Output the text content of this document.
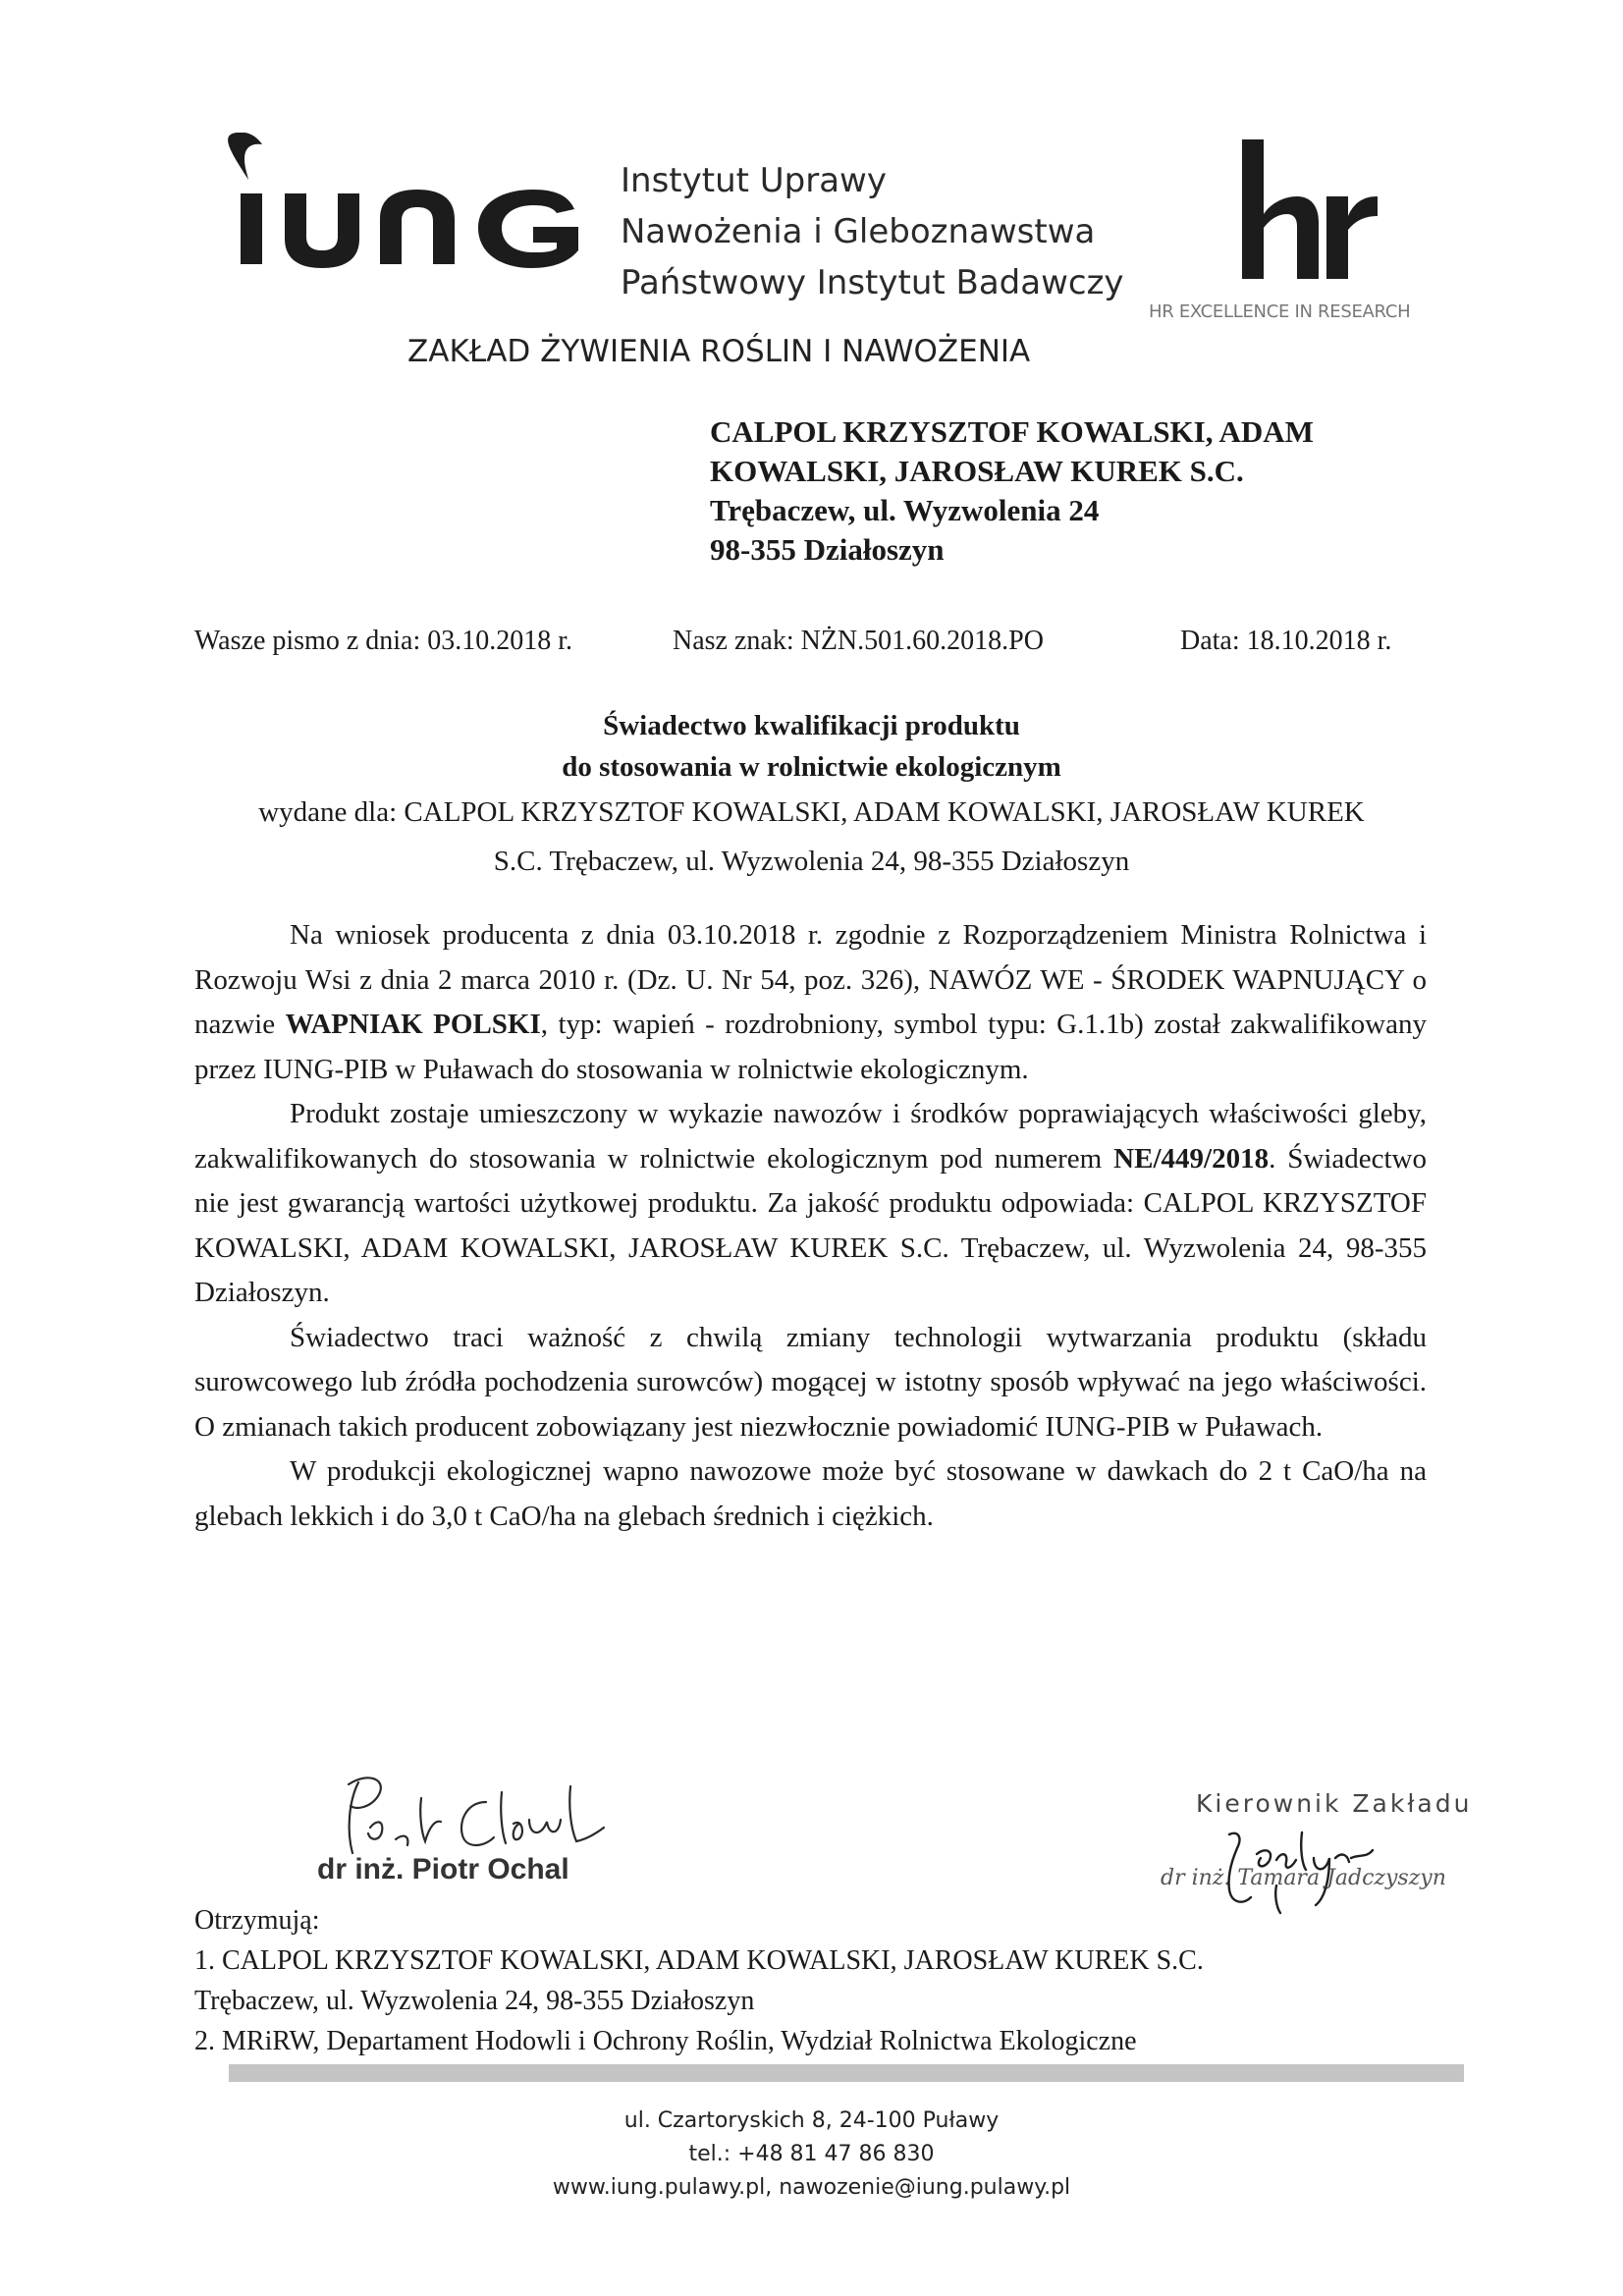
Instytut Uprawy
Nawożenia i Gleboznawstwa
Państwowy Instytut Badawczy
HR EXCELLENCE IN RESEARCH
ZAKŁAD ŻYWIENIA ROŚLIN I NAWOŻENIA
CALPOL KRZYSZTOF KOWALSKI, ADAM
KOWALSKI, JAROSŁAW KUREK S.C.
Trębaczew, ul. Wyzwolenia 24
98-355 Działoszyn
Wasze pismo z dnia: 03.10.2018 r.	Nasz znak: NŻN.501.60.2018.PO	Data: 18.10.2018 r.
Świadectwo kwalifikacji produktu
do stosowania w rolnictwie ekologicznym
wydane dla: CALPOL KRZYSZTOF KOWALSKI, ADAM KOWALSKI, JAROSŁAW KUREK
S.C. Trębaczew, ul. Wyzwolenia 24, 98-355 Działoszyn

Na wniosek producenta z dnia 03.10.2018 r. zgodnie z Rozporządzeniem Ministra Rolnictwa i Rozwoju Wsi z dnia 2 marca 2010 r. (Dz. U. Nr 54, poz. 326), NAWÓZ WE - ŚRODEK WAPNUJĄCY o nazwie WAPNIAK POLSKI, typ: wapień - rozdrobniony, symbol typu: G.1.1b) został zakwalifikowany przez IUNG-PIB w Puławach do stosowania w rolnictwie ekologicznym.

Produkt zostaje umieszczony w wykazie nawozów i środków poprawiających właściwości gleby, zakwalifikowanych do stosowania w rolnictwie ekologicznym pod numerem NE/449/2018. Świadectwo nie jest gwarancją wartości użytkowej produktu. Za jakość produktu odpowiada: CALPOL KRZYSZTOF KOWALSKI, ADAM KOWALSKI, JAROSŁAW KUREK S.C. Trębaczew, ul. Wyzwolenia 24, 98-355 Działoszyn.

Świadectwo traci ważność z chwilą zmiany technologii wytwarzania produktu (składu surowcowego lub źródła pochodzenia surowców) mogącej w istotny sposób wpływać na jego właściwości. O zmianach takich producent zobowiązany jest niezwłocznie powiadomić IUNG-PIB w Puławach.

W produkcji ekologicznej wapno nawozowe może być stosowane w dawkach do 2 t CaO/ha na glebach lekkich i do 3,0 t CaO/ha na glebach średnich i ciężkich.

dr inż. Piotr Ochal
Kierownik Zakładu
dr inż. Tamara Jadczyszyn
Otrzymują:
1. CALPOL KRZYSZTOF KOWALSKI, ADAM KOWALSKI, JAROSŁAW KUREK S.C.
Trębaczew, ul. Wyzwolenia 24, 98-355 Działoszyn
2. MRiRW, Departament Hodowli i Ochrony Roślin, Wydział Rolnictwa Ekologiczne
ul. Czartoryskich 8, 24-100 Puławy
tel.: +48 81 47 86 830
www.iung.pulawy.pl, nawozenie@iung.pulawy.pl
